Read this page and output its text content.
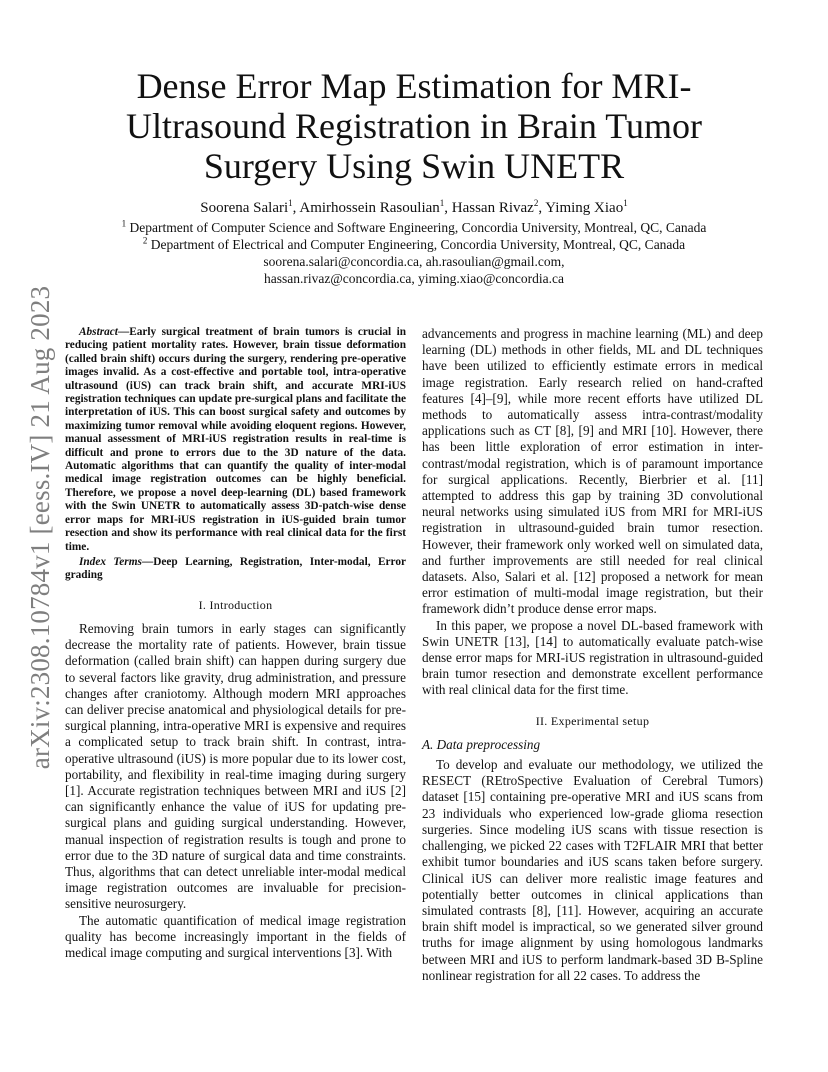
arXiv:2308.10784v1 [eess.IV] 21 Aug 2023
Dense Error Map Estimation for MRI-Ultrasound Registration in Brain Tumor Surgery Using Swin UNETR
Soorena Salari$^1$, Amirhossein Rasoulian$^1$, Hassan Rivaz$^2$, Yiming Xiao$^1$
$^1$ Department of Computer Science and Software Engineering, Concordia University, Montreal, QC, Canada
$^2$ Department of Electrical and Computer Engineering, Concordia University, Montreal, QC, Canada
soorena.salari@concordia.ca, ah.rasoulian@gmail.com,
hassan.rivaz@concordia.ca, yiming.xiao@concordia.ca

Abstract—Early surgical treatment of brain tumors is crucial in reducing patient mortality rates. However, brain tissue deformation (called brain shift) occurs during the surgery, rendering pre-operative images invalid. As a cost-effective and portable tool, intra-operative ultrasound (iUS) can track brain shift, and accurate MRI-iUS registration techniques can update pre-surgical plans and facilitate the interpretation of iUS. This can boost surgical safety and outcomes by maximizing tumor removal while avoiding eloquent regions. However, manual assessment of MRI-iUS registration results in real-time is difficult and prone to errors due to the 3D nature of the data. Automatic algorithms that can quantify the quality of inter-modal medical image registration outcomes can be highly beneficial. Therefore, we propose a novel deep-learning (DL) based framework with the Swin UNETR to automatically assess 3D-patch-wise dense error maps for MRI-iUS registration in iUS-guided brain tumor resection and show its performance with real clinical data for the first time.

Index Terms—Deep Learning, Registration, Inter-modal, Error grading

I. Introduction

Removing brain tumors in early stages can significantly decrease the mortality rate of patients. However, brain tissue deformation (called brain shift) can happen during surgery due to several factors like gravity, drug administration, and pressure changes after craniotomy. Although modern MRI approaches can deliver precise anatomical and physiological details for pre-surgical planning, intra-operative MRI is expensive and requires a complicated setup to track brain shift. In contrast, intra-operative ultrasound (iUS) is more popular due to its lower cost, portability, and flexibility in real-time imaging during surgery [1]. Accurate registration techniques between MRI and iUS [2] can significantly enhance the value of iUS for updating pre-surgical plans and guiding surgical understanding. However, manual inspection of registration results is tough and prone to error due to the 3D nature of surgical data and time constraints. Thus, algorithms that can detect unreliable inter-modal medical image registration outcomes are invaluable for precision-sensitive neurosurgery.

The automatic quantification of medical image registration quality has become increasingly important in the fields of medical image computing and surgical interventions [3]. With

advancements and progress in machine learning (ML) and deep learning (DL) methods in other fields, ML and DL techniques have been utilized to efficiently estimate errors in medical image registration. Early research relied on hand-crafted features [4]–[9], while more recent efforts have utilized DL methods to automatically assess intra-contrast/modality applications such as CT [8], [9] and MRI [10]. However, there has been little exploration of error estimation in inter-contrast/modal registration, which is of paramount importance for surgical applications. Recently, Bierbrier et al. [11] attempted to address this gap by training 3D convolutional neural networks using simulated iUS from MRI for MRI-iUS registration in ultrasound-guided brain tumor resection. However, their framework only worked well on simulated data, and further improvements are still needed for real clinical datasets. Also, Salari et al. [12] proposed a network for mean error estimation of multi-modal image registration, but their framework didn’t produce dense error maps.

In this paper, we propose a novel DL-based framework with Swin UNETR [13], [14] to automatically evaluate patch-wise dense error maps for MRI-iUS registration in ultrasound-guided brain tumor resection and demonstrate excellent performance with real clinical data for the first time.

II. Experimental setup
A. Data preprocessing

To develop and evaluate our methodology, we utilized the RESECT (REtroSpective Evaluation of Cerebral Tumors) dataset [15] containing pre-operative MRI and iUS scans from 23 individuals who experienced low-grade glioma resection surgeries. Since modeling iUS scans with tissue resection is challenging, we picked 22 cases with T2FLAIR MRI that better exhibit tumor boundaries and iUS scans taken before surgery. Clinical iUS can deliver more realistic image features and potentially better outcomes in clinical applications than simulated contrasts [8], [11]. However, acquiring an accurate brain shift model is impractical, so we generated silver ground truths for image alignment by using homologous landmarks between MRI and iUS to perform landmark-based 3D B-Spline nonlinear registration for all 22 cases. To address the
